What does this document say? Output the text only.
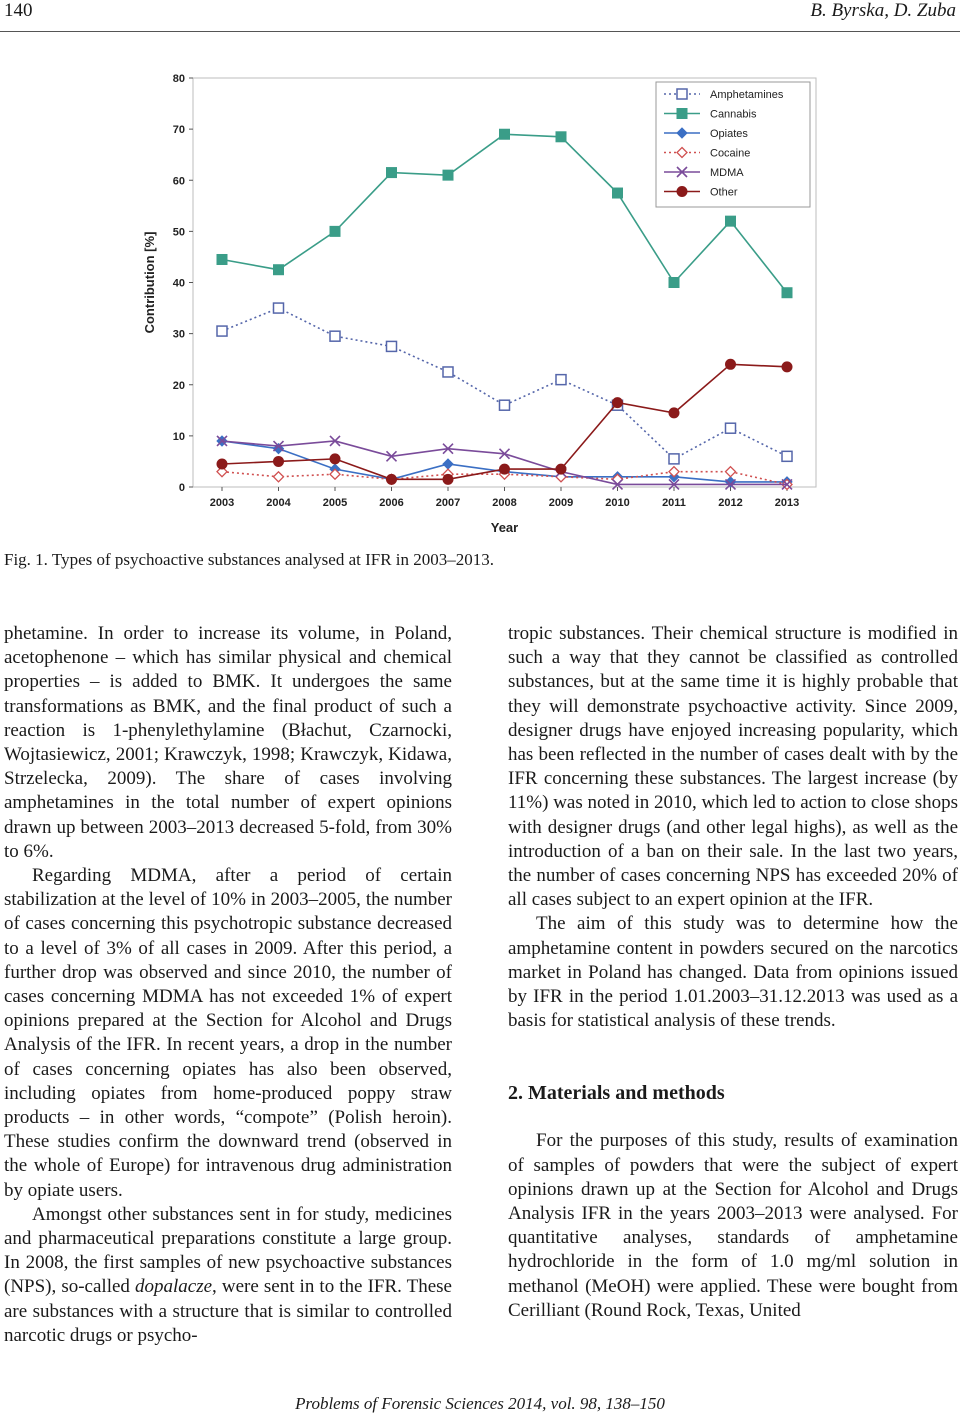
140	B. Byrska, D. Zuba
0
10
20
30
40
50
60
70
80
2003	2004	2005	2006	2007	2008	2009	2010	2011	2012	2013
Year
Contribution [%]
Amphetamines
Cannabis
Opiates
Cocaine
MDMA
Other
Fig. 1. Types of psychoactive substances analysed at IFR in 2003–2013.

phetamine. In order to increase its volume, in Poland, acetophenone – which has similar physical and chemical properties – is added to BMK. It undergoes the same transformations as BMK, and the final product of such a reaction is 1-phenylethylamine (Błachut, Czarnocki, Wojtasiewicz, 2001; Krawczyk, 1998; Krawczyk, Kidawa, Strzelecka, 2009). The share of cases involving amphetamines in the total number of expert opinions drawn up between 2003–2013 decreased 5-fold, from 30% to 6%.

Regarding MDMA, after a period of certain stabilization at the level of 10% in 2003–2005, the number of cases concerning this psychotropic substance decreased to a level of 3% of all cases in 2009. After this period, a further drop was observed and since 2010, the number of cases concerning MDMA has not exceeded 1% of expert opinions prepared at the Section for Alcohol and Drugs Analysis of the IFR. In recent years, a drop in the number of cases concerning opiates has also been observed, including opiates from home-produced poppy straw products – in other words, “compote” (Polish heroin). These studies confirm the downward trend (observed in the whole of Europe) for intravenous drug administration by opiate users.

Amongst other substances sent in for study, medicines and pharmaceutical preparations constitute a large group. In 2008, the first samples of new psychoactive substances (NPS), so-called dopalacze, were sent in to the IFR. These are substances with a structure that is similar to controlled narcotic drugs or psycho-

tropic substances. Their chemical structure is modified in such a way that they cannot be classified as controlled substances, but at the same time it is highly probable that they will demonstrate psychoactive activity. Since 2009, designer drugs have enjoyed increasing popularity, which has been reflected in the number of cases dealt with by the IFR concerning these substances. The largest increase (by 11%) was noted in 2010, which led to action to close shops with designer drugs (and other legal highs), as well as the introduction of a ban on their sale. In the last two years, the number of cases concerning NPS has exceeded 20% of all cases subject to an expert opinion at the IFR.

The aim of this study was to determine how the amphetamine content in powders secured on the narcotics market in Poland has changed. Data from opinions issued by IFR in the period 1.01.2003–31.12.2013 was used as a basis for statistical analysis of these trends.

2. Materials and methods

For the purposes of this study, results of examination of samples of powders that were the subject of expert opinions drawn up at the Section for Alcohol and Drugs Analysis IFR in the years 2003–2013 were analysed. For quantitative analyses, standards of amphetamine hydrochloride in the form of 1.0 mg/ml solution in methanol (MeOH) were applied. These were bought from Cerilliant (Round Rock, Texas, United

Problems of Forensic Sciences 2014, vol. 98, 138–150
